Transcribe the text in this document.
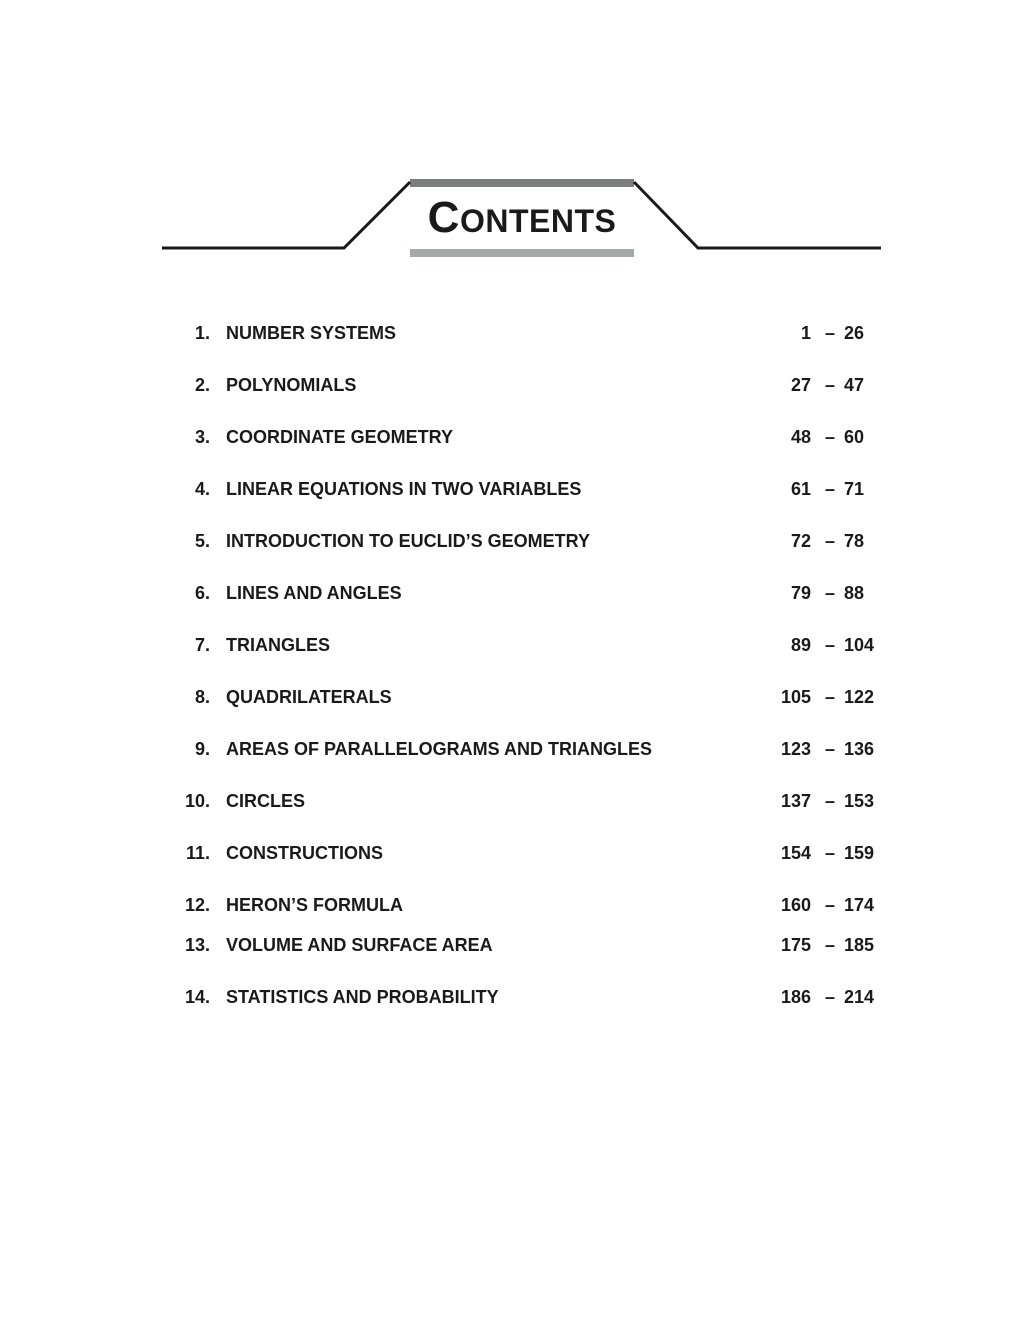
CONTENTS
1. NUMBER SYSTEMS	1 – 26
2. POLYNOMIALS	27 – 47
3. COORDINATE GEOMETRY	48 – 60
4. LINEAR EQUATIONS IN TWO VARIABLES	61 – 71
5. INTRODUCTION TO EUCLID’S GEOMETRY	72 – 78
6. LINES AND ANGLES	79 – 88
7. TRIANGLES	89 – 104
8. QUADRILATERALS	105 – 122
9. AREAS OF PARALLELOGRAMS AND TRIANGLES	123 – 136
10. CIRCLES	137 – 153
11. CONSTRUCTIONS	154 – 159
12. HERON’S FORMULA	160 – 174
13. VOLUME AND SURFACE AREA	175 – 185
14. STATISTICS AND PROBABILITY	186 – 214
